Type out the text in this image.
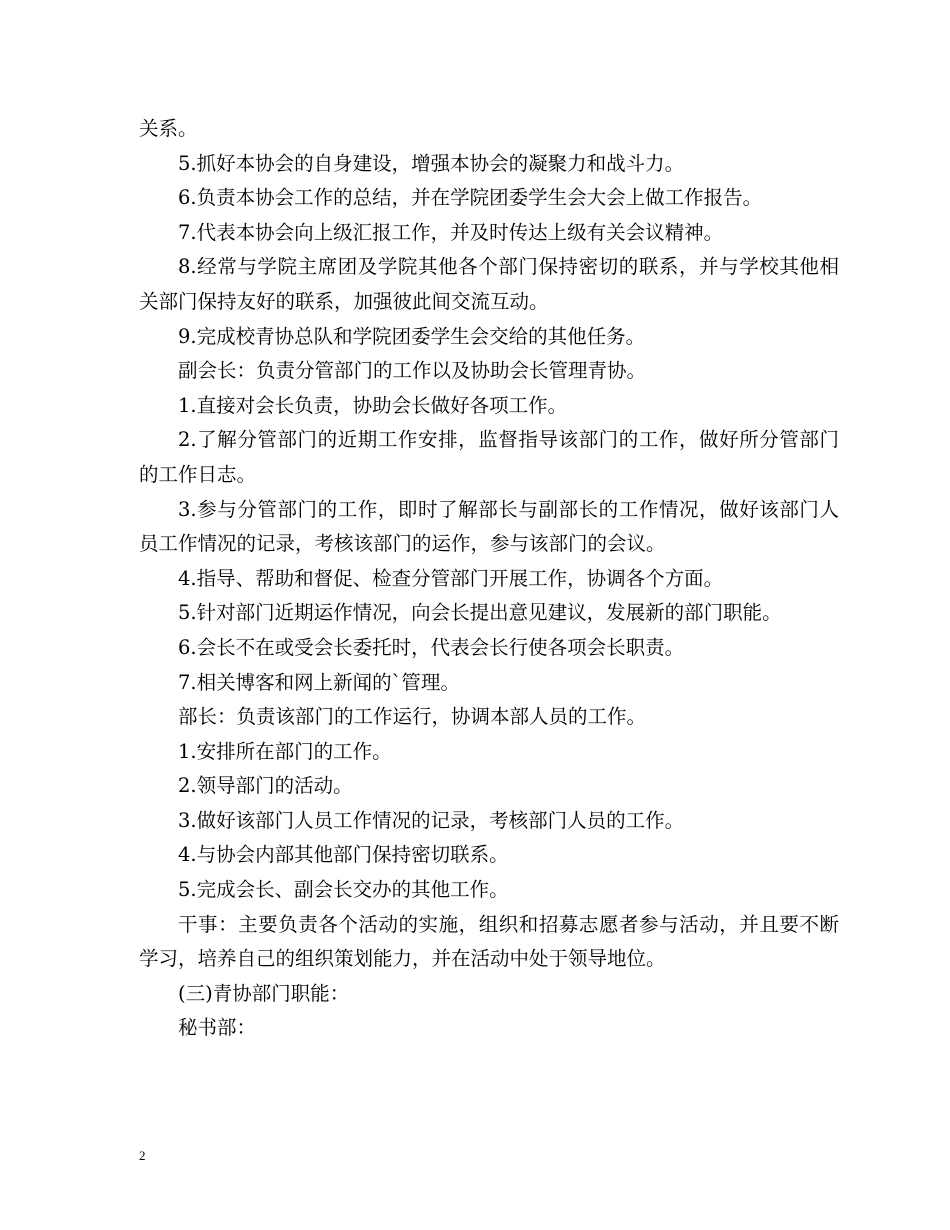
关系。

5.抓好本协会的自身建设，增强本协会的凝聚力和战斗力。

6.负责本协会工作的总结，并在学院团委学生会大会上做工作报告。

7.代表本协会向上级汇报工作，并及时传达上级有关会议精神。

8.经常与学院主席团及学院其他各个部门保持密切的联系，并与学校其他相关部门保持友好的联系，加强彼此间交流互动。

9.完成校青协总队和学院团委学生会交给的其他任务。

副会长：负责分管部门的工作以及协助会长管理青协。

1.直接对会长负责，协助会长做好各项工作。

2.了解分管部门的近期工作安排，监督指导该部门的工作，做好所分管部门的工作日志。

3.参与分管部门的工作，即时了解部长与副部长的工作情况，做好该部门人员工作情况的记录，考核该部门的运作，参与该部门的会议。

4.指导、帮助和督促、检查分管部门开展工作，协调各个方面。

5.针对部门近期运作情况，向会长提出意见建议，发展新的部门职能。

6.会长不在或受会长委托时，代表会长行使各项会长职责。

7.相关博客和网上新闻的`管理。

部长：负责该部门的工作运行，协调本部人员的工作。

1.安排所在部门的工作。

2.领导部门的活动。

3.做好该部门人员工作情况的记录，考核部门人员的工作。

4.与协会内部其他部门保持密切联系。

5.完成会长、副会长交办的其他工作。

干事：主要负责各个活动的实施，组织和招募志愿者参与活动，并且要不断学习，培养自己的组织策划能力，并在活动中处于领导地位。

(三)青协部门职能：

秘书部：

2
